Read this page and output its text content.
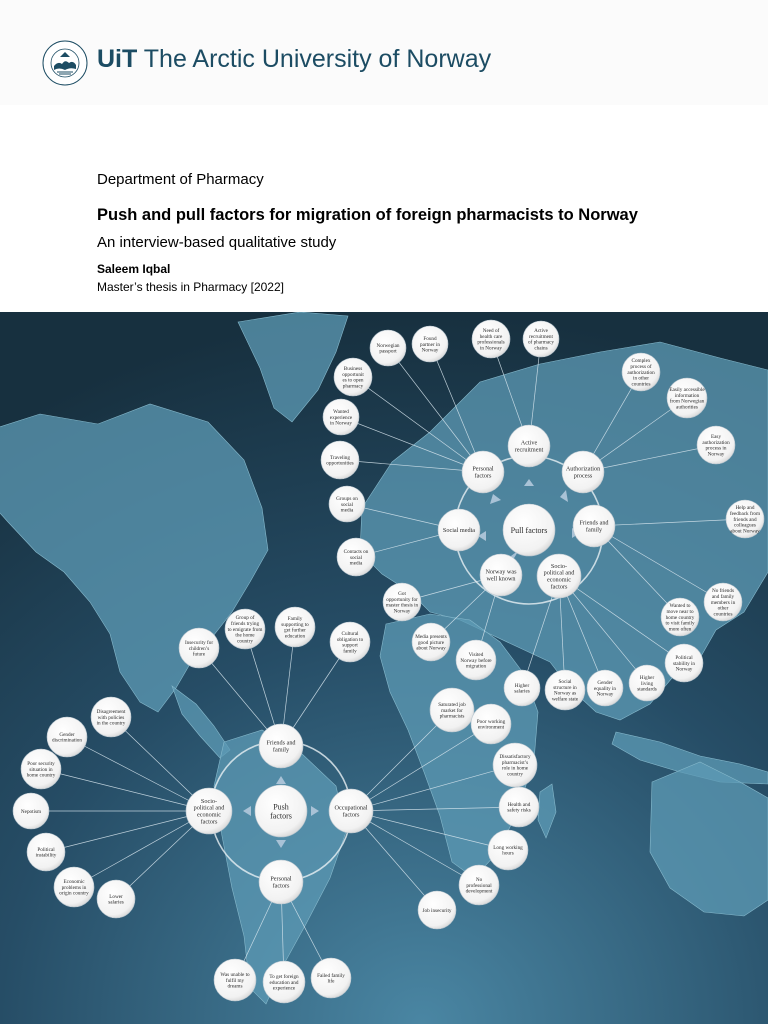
UiT The Arctic University of Norway
Department of Pharmacy
Push and pull factors for migration of foreign pharmacists to Norway
An interview-based qualitative study
Saleem Iqbal
Master’s thesis in Pharmacy [2022]
Active
recruitment
Authorization
process
Friends and
family
Socio-
political and
economic
factors
Norway was
well known
Social media
Personal
factors
Friends and
family
Occupational
factors
Personal
factors
Socio-
political and
economic
factors
Norwegian
passport
Found
partner in
Norway
Business
opportunit
es to open
pharmacy
Wanted
experience
in Norway
Traveling
opportunities
Need of
health care
professionals
in Norway
Active
recruitment
of pharmacy
chains
Complex
process of
authorization
in other
countries
Easily accessible
information
from Norwegian
authorities
Easy
authorization
process in
Norway
Help and
feedback from
friends and
colleagues
about Norway
No friends
and family
members in
other
countries
Wanted to
move near to
home country
to visit family
more often
Political
stability in
Norway
Higher
living
standards
Gender
equality in
Norway
Social
structure in
Norway as
welfare state
Higher
salaries
Groups on
social
media
Contacts on
social
media
Got
opportunity for
master thesis in
Norway
Media presents
good picture
about Norway
Visited
Norway before
migration
Insecurity for
children’s
future
Group of
friends trying
to emigrate from
the home
country
Family
supporting to
get further
education	Cultural
obligation to
support
family
Disagreement
with policies
in the country
Gender
discrimination
Poor security
situation in
home country
Nepotism
Political
instability
Economic
problems in
origin country
Lower
salaries
Saturated job
market for
pharmacists
Poor working
environment
Dissatisfactory
pharmacist’s
role in home
country
Health and
safety risks
Long working
hours
No
professional
development
Job insecurity
Was unable to
fulfil my
dreams
To get foreign
education and
experience
Failed family
life
Pull factors
Push
factors
